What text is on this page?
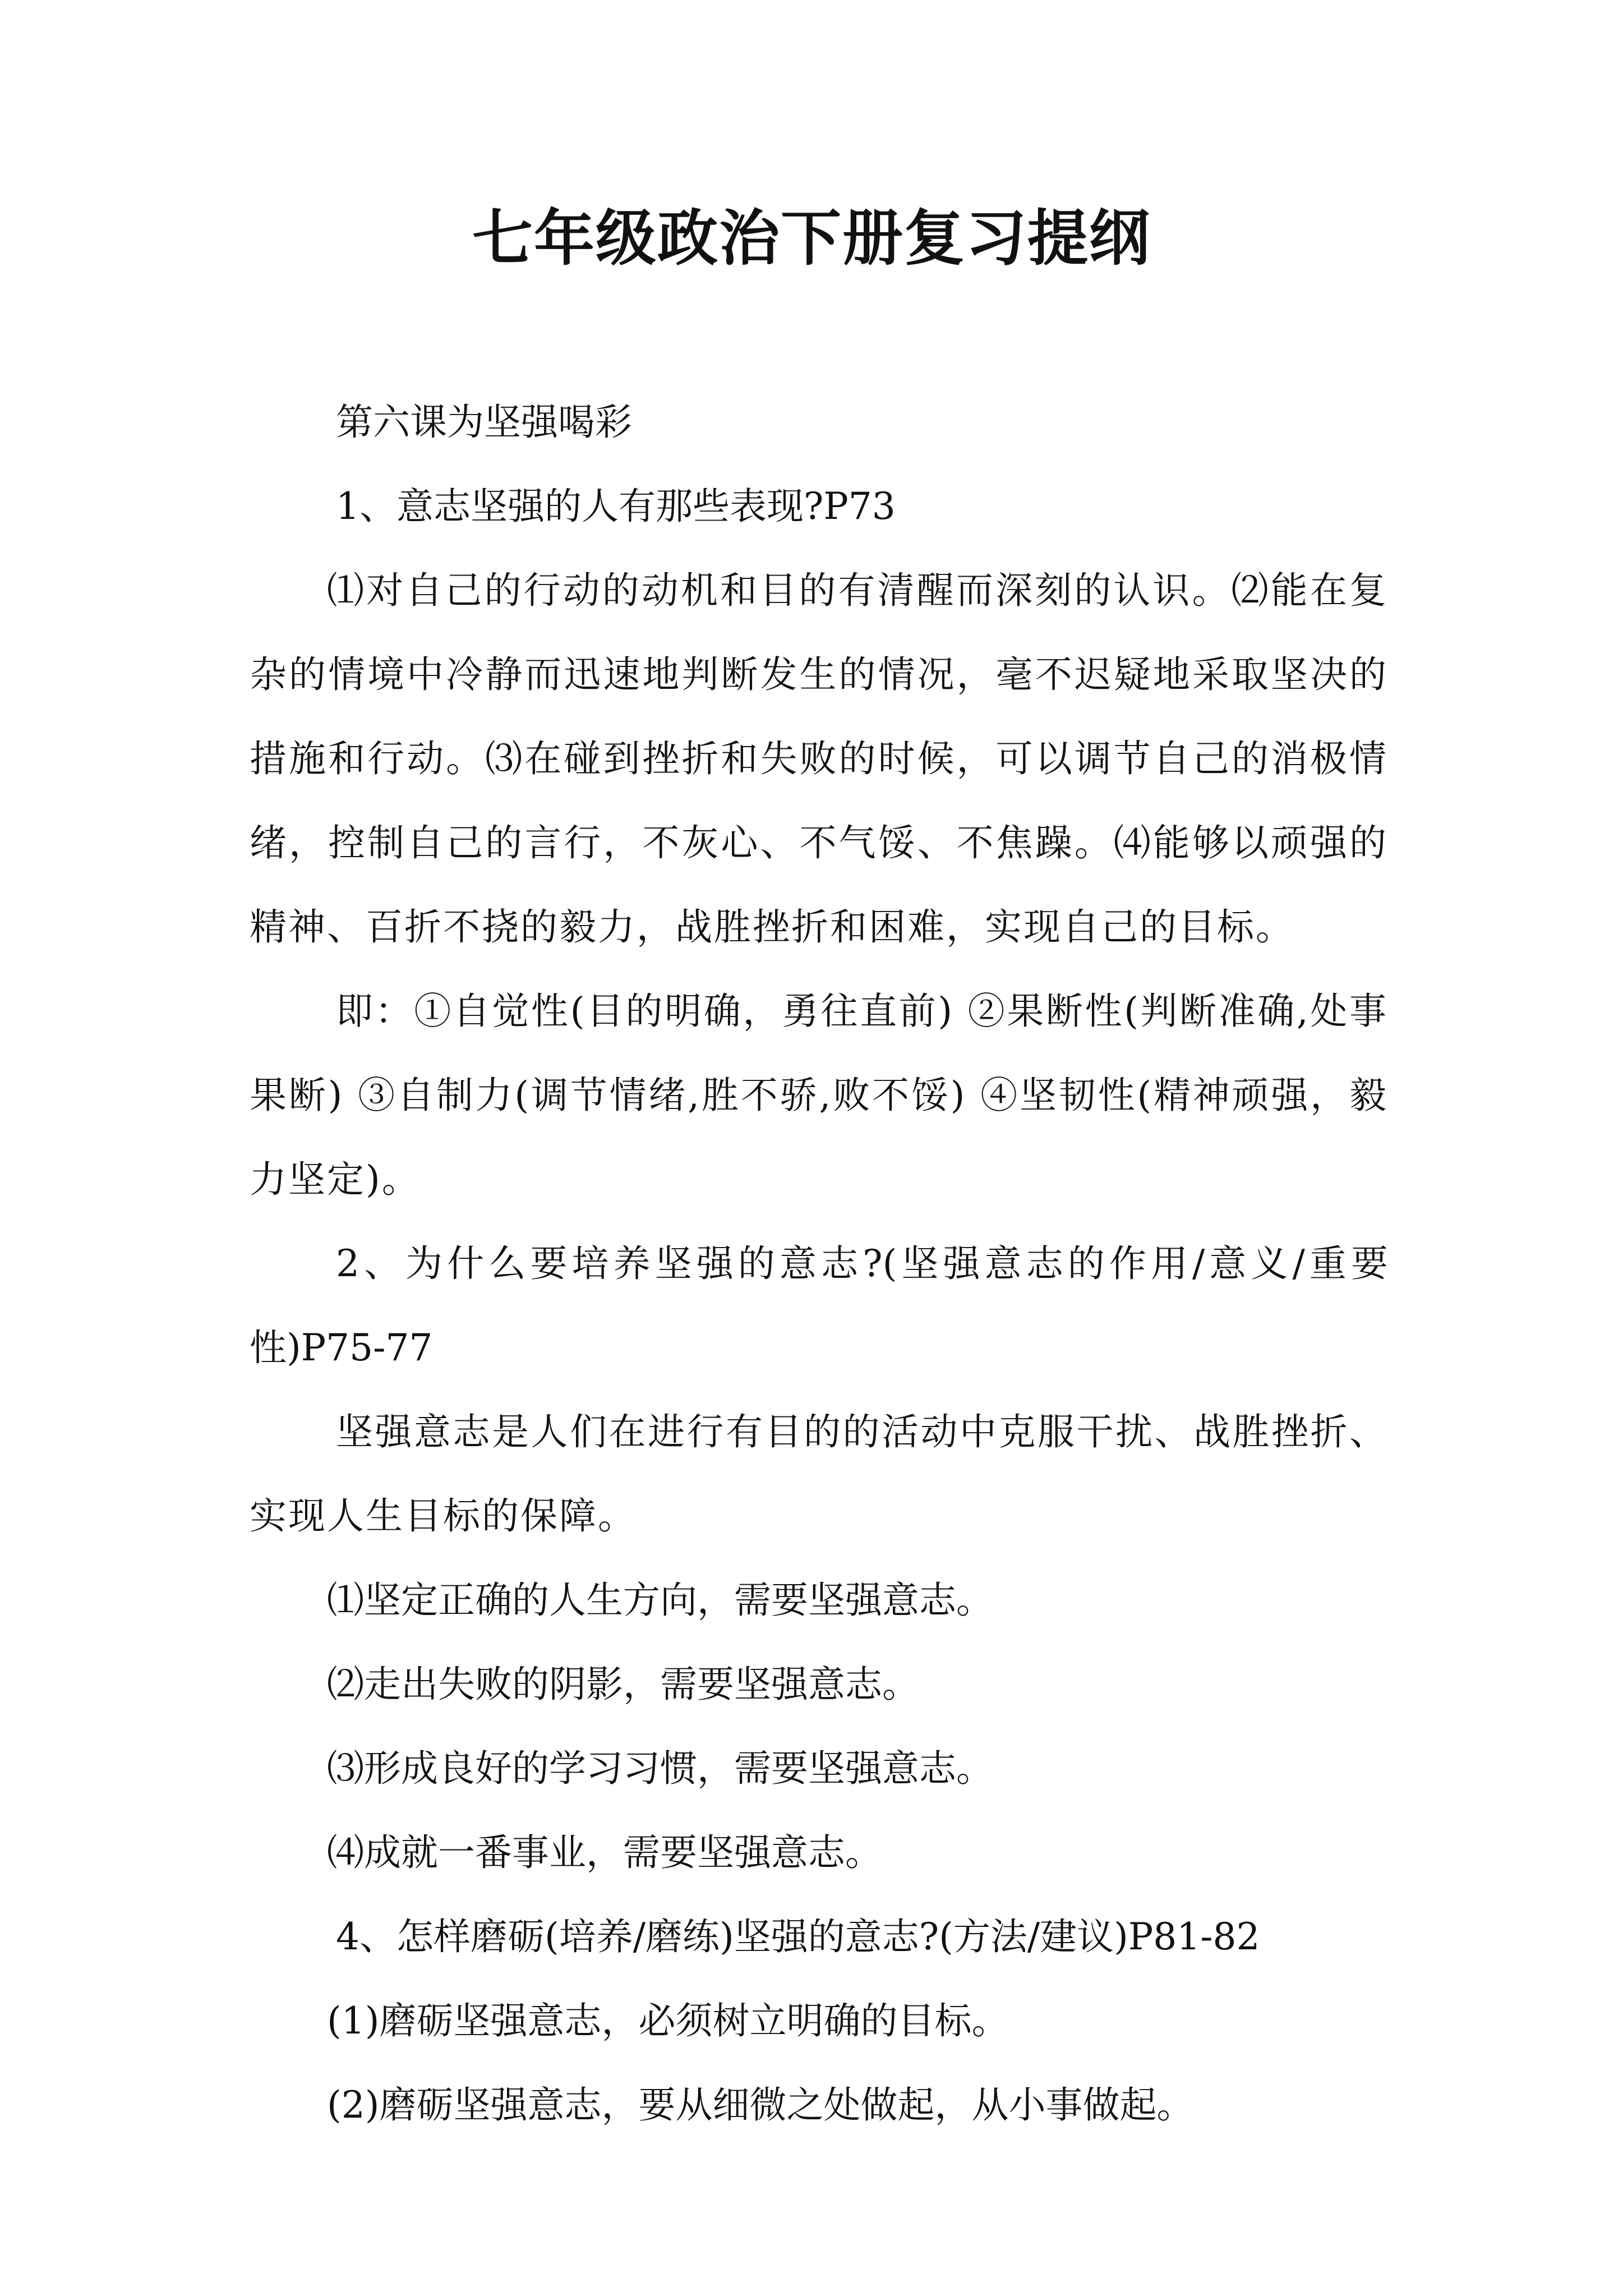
七年级政治下册复习提纲

第六课为坚强喝彩

1、意志坚强的人有那些表现?P73

⑴对自己的行动的动机和目的有清醒而深刻的认识。⑵能在复杂的情境中冷静而迅速地判断发生的情况，毫不迟疑地采取坚决的措施和行动。⑶在碰到挫折和失败的时候，可以调节自己的消极情绪，控制自己的言行，不灰心、不气馁、不焦躁。⑷能够以顽强的精神、百折不挠的毅力，战胜挫折和困难，实现自己的目标。

即：①自觉性(目的明确，勇往直前) ②果断性(判断准确,处事果断) ③自制力(调节情绪,胜不骄,败不馁) ④坚韧性(精神顽强，毅力坚定)。

2、为什么要培养坚强的意志?(坚强意志的作用/意义/重要性)P75-77

坚强意志是人们在进行有目的的活动中克服干扰、战胜挫折、实现人生目标的保障。

⑴坚定正确的人生方向，需要坚强意志。

⑵走出失败的阴影，需要坚强意志。

⑶形成良好的学习习惯，需要坚强意志。

⑷成就一番事业，需要坚强意志。

4、怎样磨砺(培养/磨练)坚强的意志?(方法/建议)P81-82

(1)磨砺坚强意志，必须树立明确的目标。

(2)磨砺坚强意志，要从细微之处做起，从小事做起。
